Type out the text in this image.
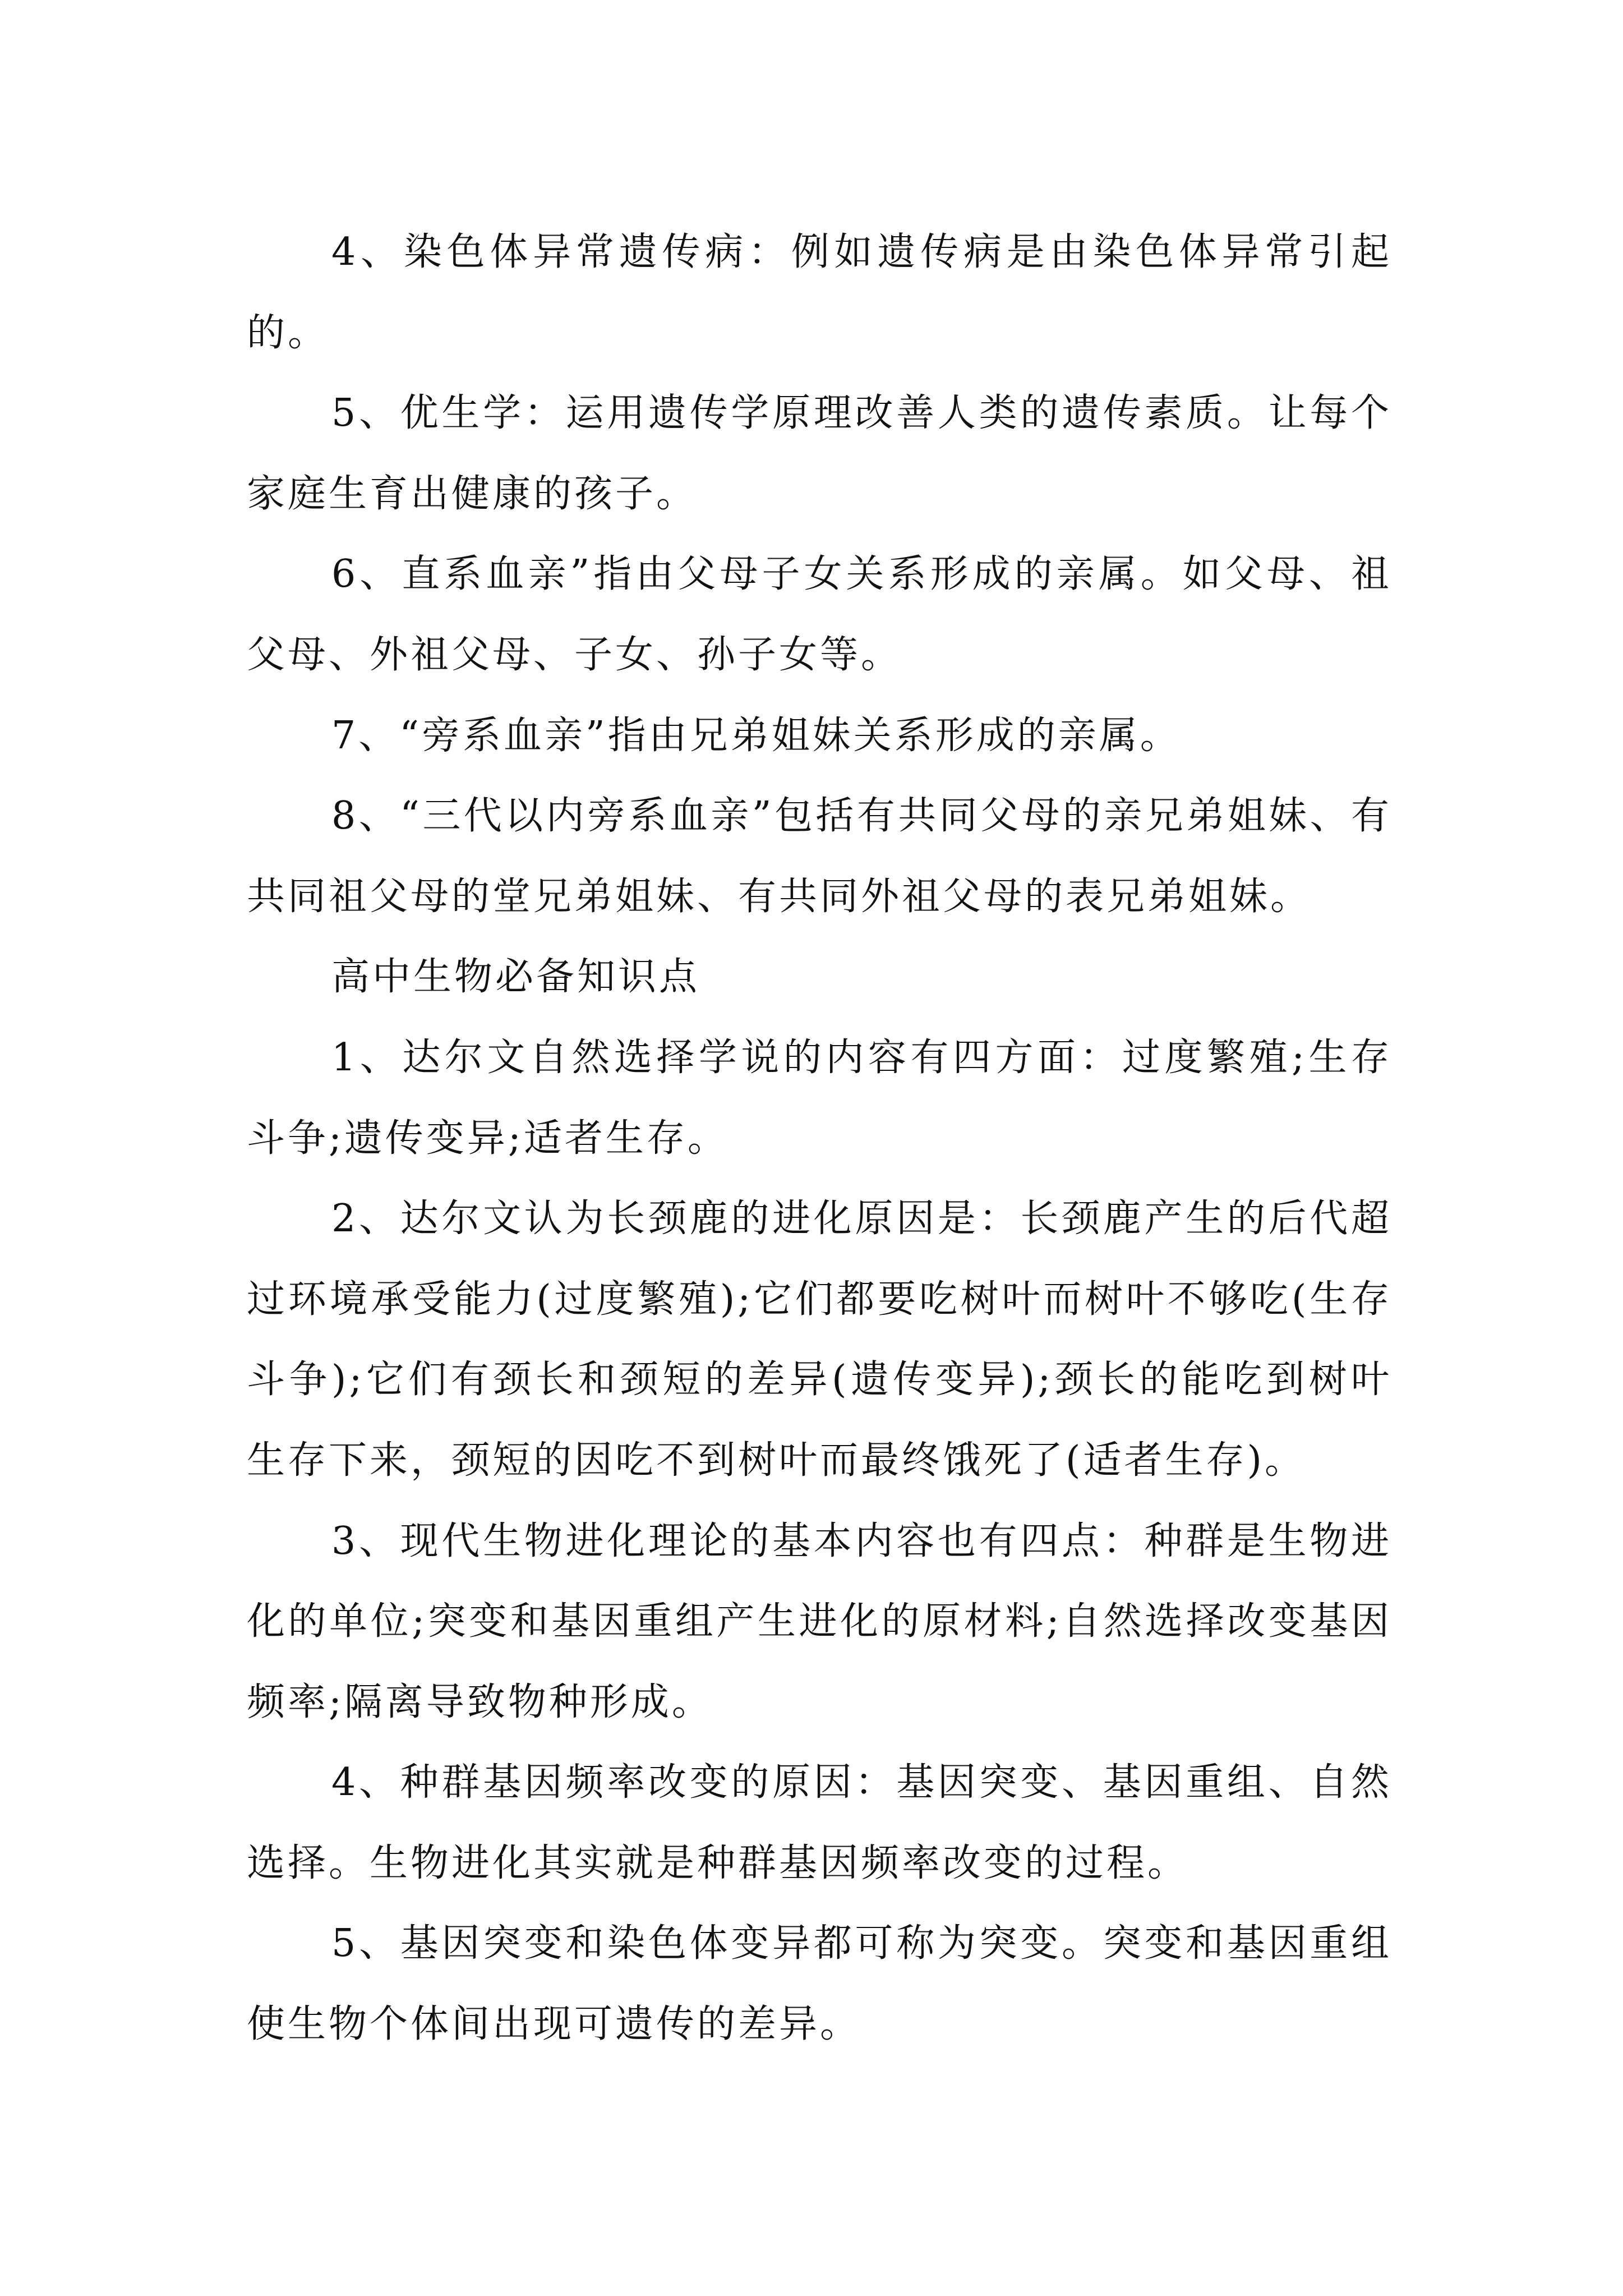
4、染色体异常遗传病：例如遗传病是由染色体异常引起的。

5、优生学：运用遗传学原理改善人类的遗传素质。让每个家庭生育出健康的孩子。

6、直系血亲”指由父母子女关系形成的亲属。如父母、祖父母、外祖父母、子女、孙子女等。

7、“旁系血亲”指由兄弟姐妹关系形成的亲属。

8、“三代以内旁系血亲”包括有共同父母的亲兄弟姐妹、有共同祖父母的堂兄弟姐妹、有共同外祖父母的表兄弟姐妹。

高中生物必备知识点

1、达尔文自然选择学说的内容有四方面：过度繁殖;生存斗争;遗传变异;适者生存。

2、达尔文认为长颈鹿的进化原因是：长颈鹿产生的后代超过环境承受能力(过度繁殖);它们都要吃树叶而树叶不够吃(生存斗争);它们有颈长和颈短的差异(遗传变异);颈长的能吃到树叶生存下来，颈短的因吃不到树叶而最终饿死了(适者生存)。

3、现代生物进化理论的基本内容也有四点：种群是生物进化的单位;突变和基因重组产生进化的原材料;自然选择改变基因频率;隔离导致物种形成。

4、种群基因频率改变的原因：基因突变、基因重组、自然选择。生物进化其实就是种群基因频率改变的过程。

5、基因突变和染色体变异都可称为突变。突变和基因重组使生物个体间出现可遗传的差异。
